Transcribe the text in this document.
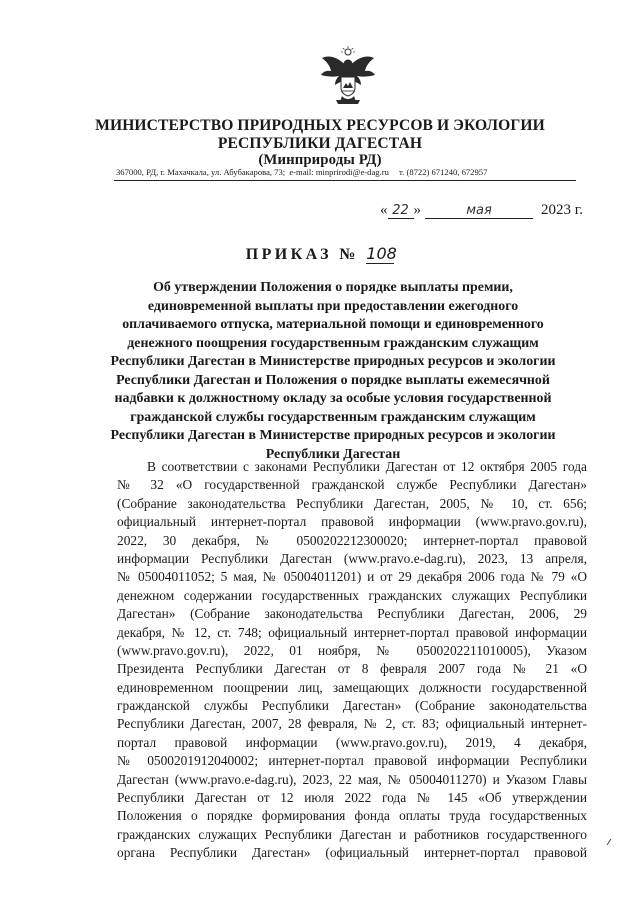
МИНИСТЕРСТВО ПРИРОДНЫХ РЕСУРСОВ И ЭКОЛОГИИ
РЕСПУБЛИКИ ДАГЕСТАН
(Минприроды РД)
367000, РД, г. Махачкала, ул. Абубакарова, 73; e-mail: minprirodi@e-dag.ru т. (8722) 671240, 672957
« 22 »	мая	2023 г.
ПРИКАЗ № 108
Об утверждении Положения о порядке выплаты премии,
единовременной выплаты при предоставлении ежегодного
оплачиваемого отпуска, материальной помощи и единовременного
денежного поощрения государственным гражданским служащим
Республики Дагестан в Министерстве природных ресурсов и экологии
Республики Дагестан и Положения о порядке выплаты ежемесячной
надбавки к должностному окладу за особые условия государственной
гражданской службы государственным гражданским служащим
Республики Дагестан в Министерстве природных ресурсов и экологии
Республики Дагестан
В соответствии с законами Республики Дагестан от 12 октября 2005 года
№ 32 «О государственной гражданской службе Республики Дагестан»
(Собрание законодательства Республики Дагестан, 2005, № 10, ст. 656;
официальный интернет-портал правовой информации (www.pravo.gov.ru),
2022, 30 декабря, № 0500202212300020; интернет-портал правовой
информации Республики Дагестан (www.pravo.e-dag.ru), 2023, 13 апреля,
№ 05004011052; 5 мая, № 05004011201) и от 29 декабря 2006 года № 79 «О
денежном содержании государственных гражданских служащих Республики
Дагестан» (Собрание законодательства Республики Дагестан, 2006, 29
декабря, № 12, ст. 748; официальный интернет-портал правовой информации
(www.pravo.gov.ru), 2022, 01 ноября, № 0500202211010005), Указом
Президента Республики Дагестан от 8 февраля 2007 года № 21 «О
единовременном поощрении лиц, замещающих должности государственной
гражданской службы Республики Дагестан» (Собрание законодательства
Республики Дагестан, 2007, 28 февраля, № 2, ст. 83; официальный интернет-
портал правовой информации (www.pravo.gov.ru), 2019, 4 декабря,
№ 0500201912040002; интернет-портал правовой информации Республики
Дагестан (www.pravo.e-dag.ru), 2023, 22 мая, № 05004011270) и Указом Главы
Республики Дагестан от 12 июля 2022 года № 145 «Об утверждении
Положения о порядке формирования фонда оплаты труда государственных
гражданских служащих Республики Дагестан и работников государственного
органа Республики Дагестан» (официальный интернет-портал правовой
